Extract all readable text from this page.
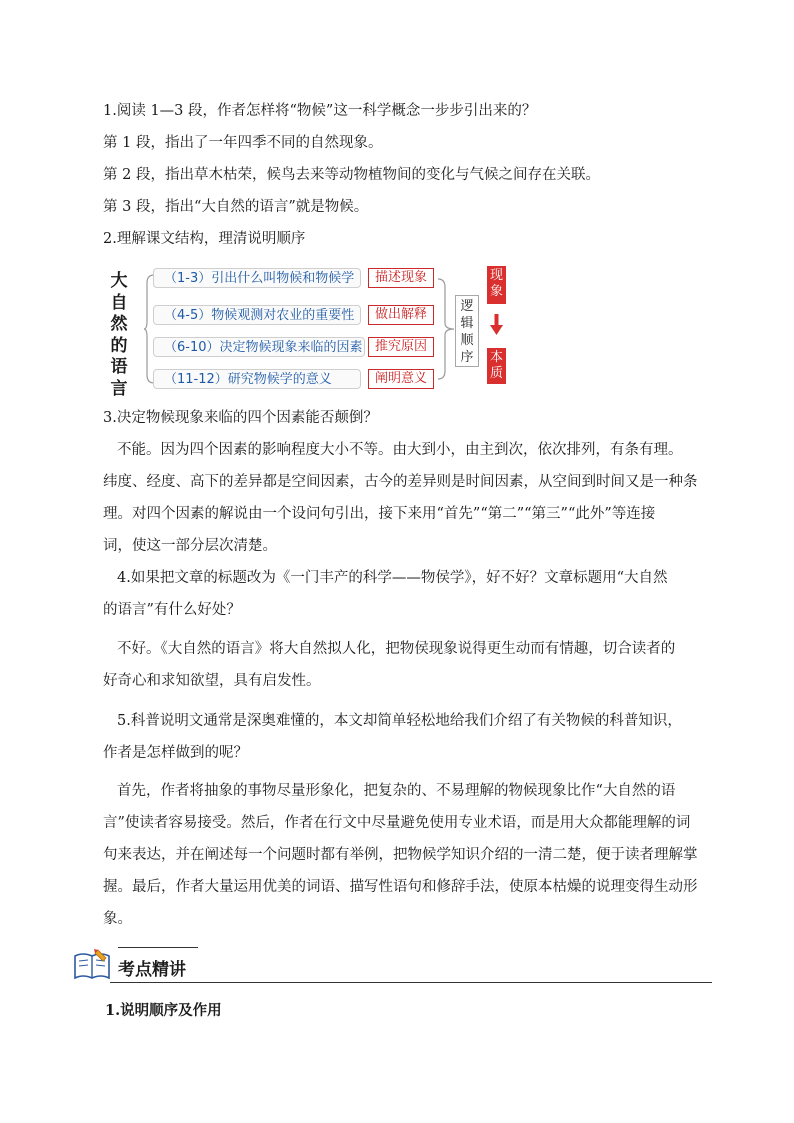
1.阅读 1—3 段，作者怎样将“物候”这一科学概念一步步引出来的？
第 1 段，指出了一年四季不同的自然现象。
第 2 段，指出草木枯荣，候鸟去来等动物植物间的变化与气候之间存在关联。
第 3 段，指出“大自然的语言”就是物候。
2.理解课文结构，理清说明顺序
大
自
然
的
语
言
（1-3）引出什么叫物候和物候学	描述现象
（4-5）物候观测对农业的重要性	做出解释
（6-10）决定物候现象来临的因素 推究原因
（11-12）研究物候学的意义	阐明意义
逻
辑
顺
序
现
象
本
质
3.决定物候现象来临的四个因素能否颠倒？
不能。因为四个因素的影响程度大小不等。由大到小，由主到次，依次排列，有条有理。
纬度、经度、高下的差异都是空间因素，古今的差异则是时间因素，从空间到时间又是一种条
理。对四个因素的解说由一个设问句引出，接下来用“首先”“第二”“第三”“此外”等连接
词，使这一部分层次清楚。
4.如果把文章的标题改为《一门丰产的科学——物侯学》，好不好？文章标题用“大自然
的语言”有什么好处？
不好。《大自然的语言》将大自然拟人化，把物侯现象说得更生动而有情趣，切合读者的
好奇心和求知欲望，具有启发性。
5.科普说明文通常是深奥难懂的，本文却简单轻松地给我们介绍了有关物候的科普知识，
作者是怎样做到的呢？
首先，作者将抽象的事物尽量形象化，把复杂的、不易理解的物候现象比作“大自然的语
言”使读者容易接受。然后，作者在行文中尽量避免使用专业术语，而是用大众都能理解的词
句来表达，并在阐述每一个问题时都有举例，把物候学知识介绍的一清二楚，便于读者理解掌
握。最后，作者大量运用优美的词语、描写性语句和修辞手法，使原本枯燥的说理变得生动形
象。
考点精讲
1.说明顺序及作用
